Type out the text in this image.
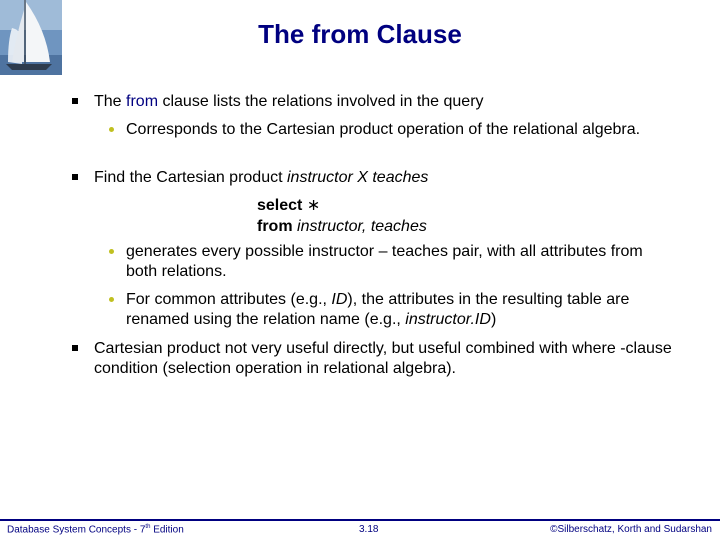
The from Clause
The from clause lists the relations involved in the query
Corresponds to the Cartesian product operation of the relational algebra.
Find the Cartesian product instructor X teaches
select ∗
from instructor, teaches
generates every possible instructor – teaches pair, with all attributes from both relations.
For common attributes (e.g., ID), the attributes in the resulting table are renamed using the relation name (e.g., instructor.ID)
Cartesian product not very useful directly, but useful combined with where -clause condition (selection operation in relational algebra).
Database System Concepts - 7th Edition	3.18	©Silberschatz, Korth and Sudarshan
